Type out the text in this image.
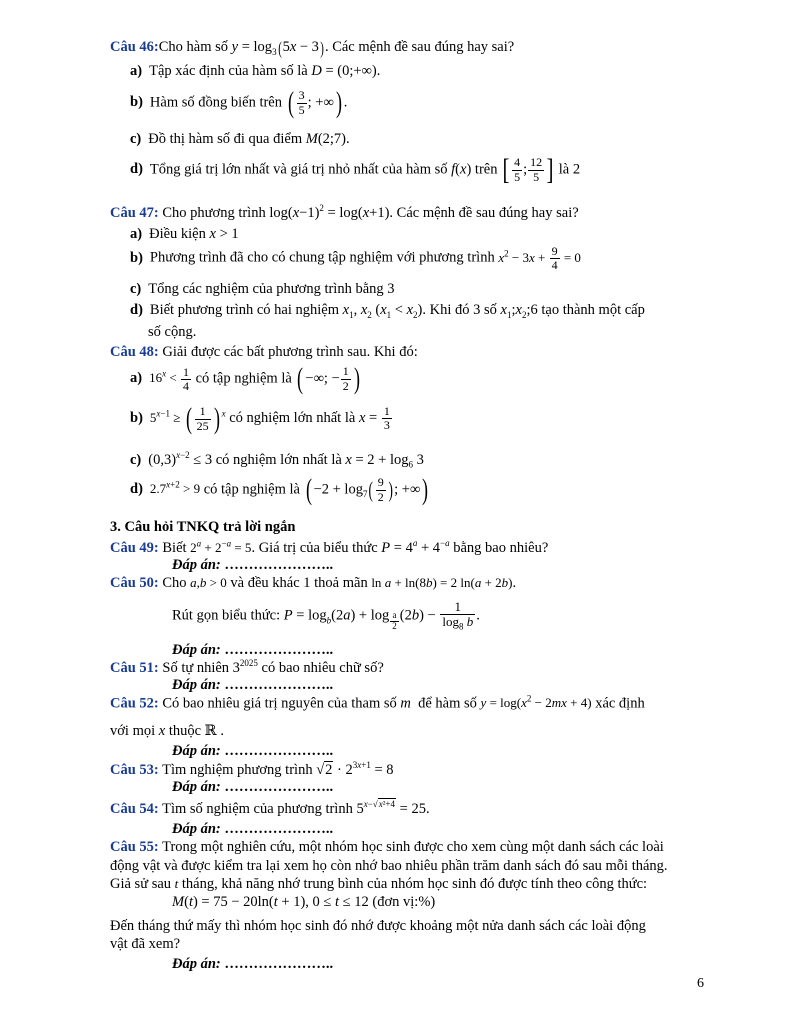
Câu 46:Cho hàm số $y = \log_3(5x - 3)$. Các mệnh đề sau đúng hay sai?
a) Tập xác định của hàm số là D = (0;+∞).
b) Hàm số đồng biến trên ( $\frac{3}{5}$ ; +∞) .
c) Đồ thị hàm số đi qua điểm M(2;7).
d) Tổng giá trị lớn nhất và giá trị nhỏ nhất của hàm số f(x) trên [ $\frac{4}{5}$ ; $\frac{12}{5}$ ] là 2
Câu 47: Cho phương trình $\log(x-1)^2 = \log(x+1)$. Các mệnh đề sau đúng hay sai?
a) Điều kiện x > 1
b) Phương trình đã cho có chung tập nghiệm với phương trình $x^2 - 3x + \frac{9}{4} = 0$
c) Tổng các nghiệm của phương trình bằng 3
d) Biết phương trình có hai nghiệm $x_1$, $x_2$ $(x_1 < x_2)$. Khi đó 3 số $x_1;x_2;6$ tạo thành một cấp
số cộng.
Câu 48: Giải được các bất phương trình sau. Khi đó:
a) $16^x < \frac{1}{4}$ có tập nghiệm là ( −∞; − $\frac{1}{2}$ )
b) $5^{x-1}$ ≥ ( $\frac{1}{25}$ ) $^x$ có nghiệm lớn nhất là $x = \frac{1}{3}$
c) $(0,3)^{x-2} \le 3$ có nghiệm lớn nhất là $x = 2 + \log_6 3$
d) $2.7^{x+2} > 9$ có tập nghiệm là ( $-2 + \log_7( \frac{9}{2}$ ); +∞)
3. Câu hỏi TNKQ trả lời ngắn
Câu 49: Biết $2^a + 2^{-a} = 5$. Giá trị của biểu thức $P = 4^a + 4^{-a}$ bằng bao nhiêu?
Đáp án: …………………..
Câu 50: Cho a,b > 0 và đều khác 1 thoả mãn ln a + ln(8b) = 2 ln(a + 2b).
Rút gọn biểu thức: $P = \log_b(2a) + \log _{\frac{a}{2}}$ $(2b) - \frac{1}{\log_8 b}$ .
Đáp án: …………………..
Câu 51: Số tự nhiên $3^{2025}$ có bao nhiêu chữ số?
Đáp án: …………………..
Câu 52: Có bao nhiêu giá trị nguyên của tham số m để hàm số $y = \log(x^2 - 2mx + 4)$ xác định
với mọi x thuộc ℝ .
Đáp án: …………………..
Câu 53: Tìm nghiệm phương trình $√2 \cdot 2^{3x+1} = 8$
Đáp án: …………………..
Câu 54: Tìm số nghiệm của phương trình $5^{x-√x^2+4} = 25$.
Đáp án: …………………..
Câu 55: Trong một nghiên cứu, một nhóm học sinh được cho xem cùng một danh sách các loài
động vật và được kiểm tra lại xem họ còn nhớ bao nhiêu phần trăm danh sách đó sau mỗi tháng.
Giả sử sau t tháng, khả năng nhớ trung bình của nhóm học sinh đó được tính theo công thức:
M(t) = 75 − 20ln(t + 1), 0 ≤ t ≤ 12 (đơn vị:%)
Đến tháng thứ mấy thì nhóm học sinh đó nhớ được khoảng một nửa danh sách các loài động
vật đã xem?
Đáp án: …………………..
6
